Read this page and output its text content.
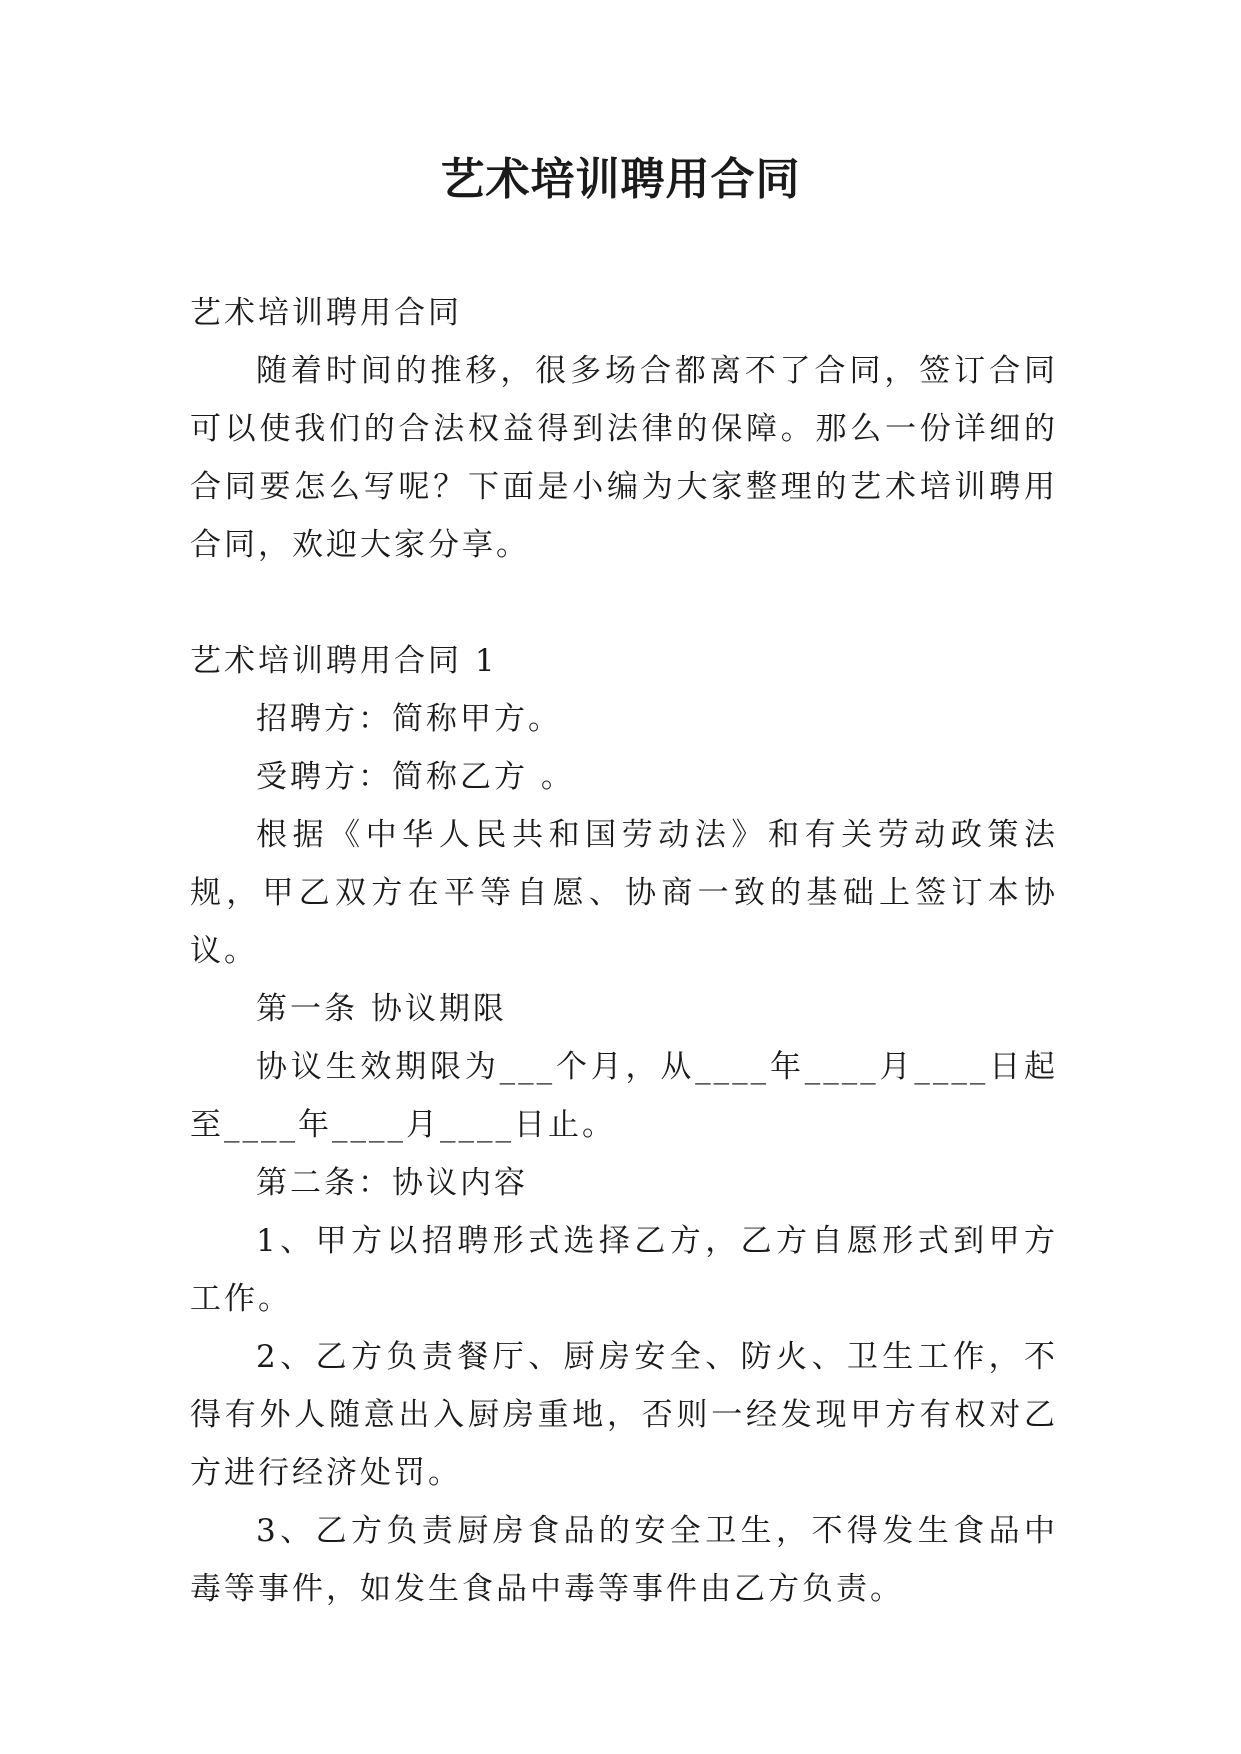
艺术培训聘用合同

艺术培训聘用合同

随着时间的推移，很多场合都离不了合同，签订合同可以使我们的合法权益得到法律的保障。那么一份详细的合同要怎么写呢？下面是小编为大家整理的艺术培训聘用合同，欢迎大家分享。

艺术培训聘用合同 1

招聘方：简称甲方。

受聘方：简称乙方 。

根据《中华人民共和国劳动法》和有关劳动政策法规，甲乙双方在平等自愿、协商一致的基础上签订本协议。

第一条 协议期限

协议生效期限为___个月，从____年____月____日起至____年____月____日止。

第二条：协议内容

1、甲方以招聘形式选择乙方，乙方自愿形式到甲方工作。

2、乙方负责餐厅、厨房安全、防火、卫生工作，不得有外人随意出入厨房重地，否则一经发现甲方有权对乙方进行经济处罚。

3、乙方负责厨房食品的安全卫生，不得发生食品中毒等事件，如发生食品中毒等事件由乙方负责。
